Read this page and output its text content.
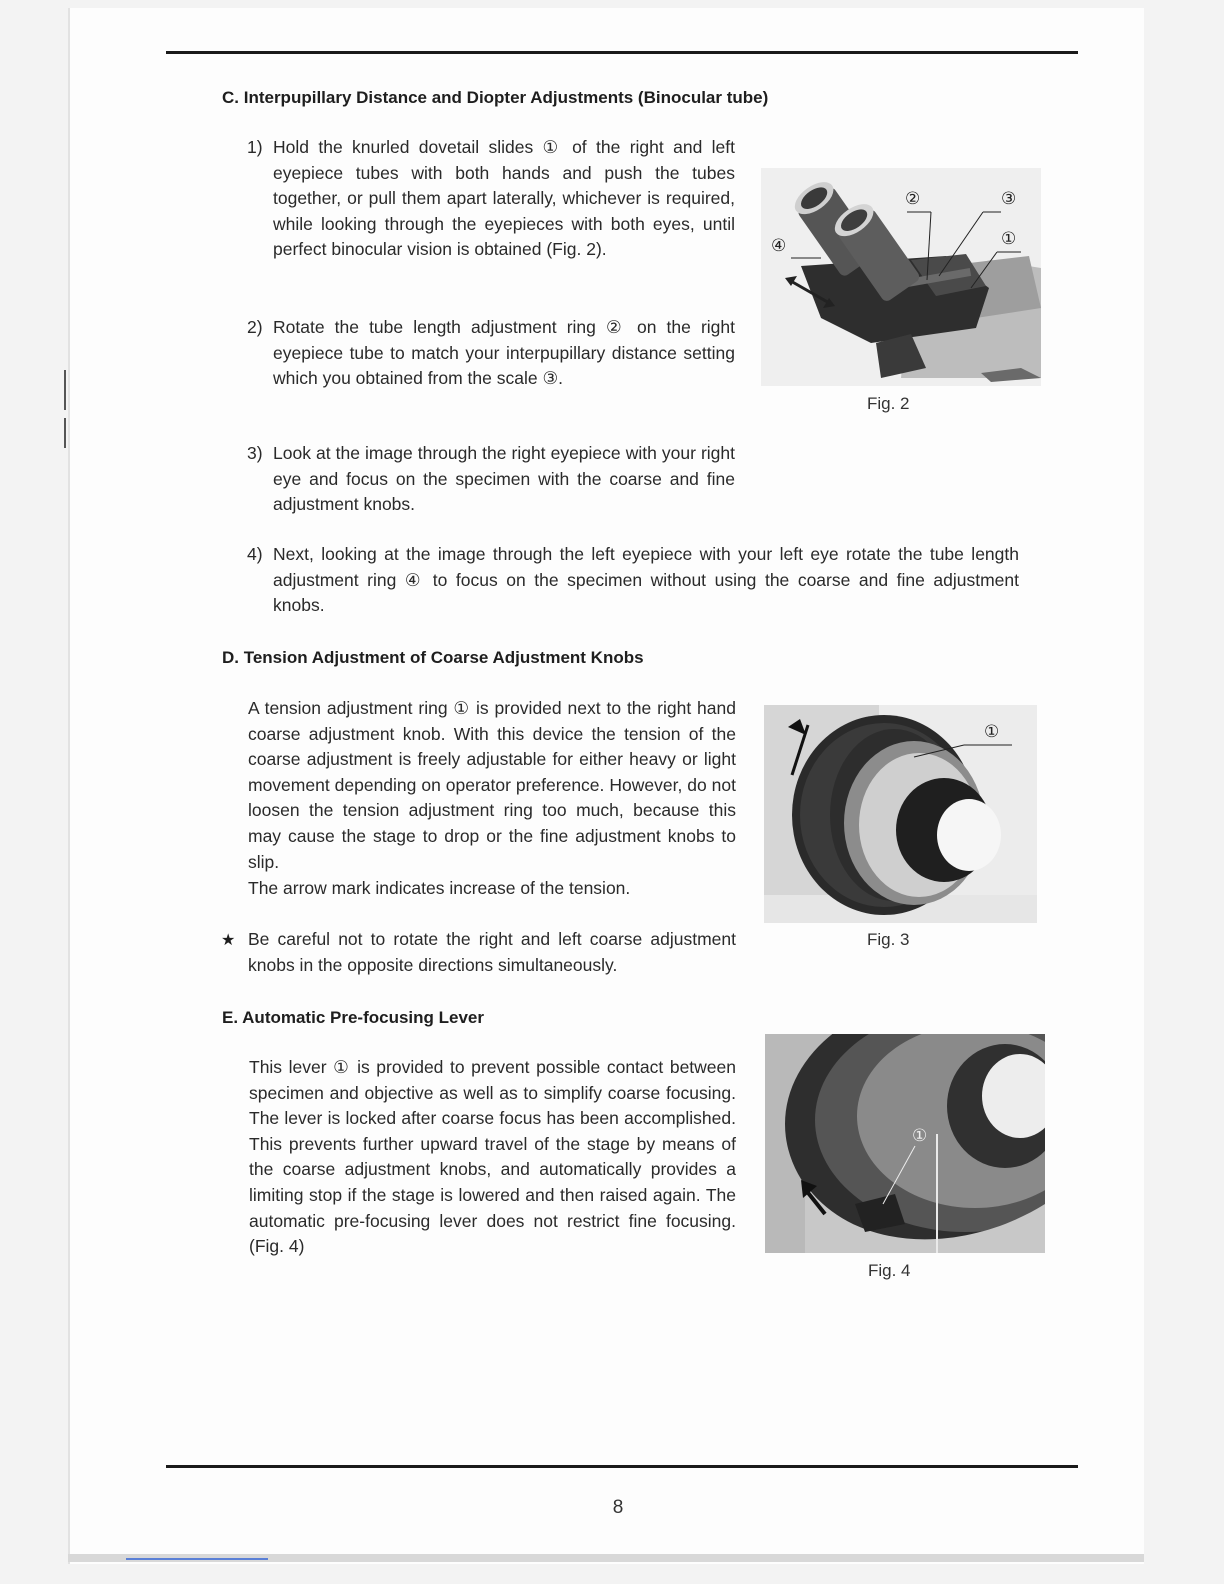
C. Interpupillary Distance and Diopter Adjustments (Binocular tube)
1) Hold the knurled dovetail slides ① of the right and left eyepiece tubes with both hands and push the tubes together, or pull them apart laterally, whichever is required, while looking through the eyepieces with both eyes, until perfect binocular vision is obtained (Fig. 2).

2) Rotate the tube length adjustment ring ② on the right eyepiece tube to match your interpupillary distance setting which you obtained from the scale ③.

3) Look at the image through the right eyepiece with your right eye and focus on the specimen with the coarse and fine adjustment knobs.

4) Next, looking at the image through the left eyepiece with your left eye rotate the tube length adjustment ring ④ to focus on the specimen without using the coarse and fine adjustment knobs.

②	③
①
④
Fig. 2
D. Tension Adjustment of Coarse Adjustment Knobs

A tension adjustment ring ① is provided next to the right hand coarse adjustment knob. With this device the tension of the coarse adjustment is freely adjustable for either heavy or light movement depending on operator preference. However, do not loosen the tension adjustment ring too much, because this may cause the stage to drop or the fine adjustment knobs to slip.

The arrow mark indicates increase of the tension.

★ Be careful not to rotate the right and left coarse adjustment knobs in the opposite directions simultaneously.

①
Fig. 3
E. Automatic Pre-focusing Lever

This lever ① is provided to prevent possible contact between specimen and objective as well as to simplify coarse focusing. The lever is locked after coarse focus has been accomplished. This prevents further upward travel of the stage by means of the coarse adjustment knobs, and automatically provides a limiting stop if the stage is lowered and then raised again. The automatic pre-focusing lever does not restrict fine focusing. (Fig. 4)

①
Fig. 4
8
